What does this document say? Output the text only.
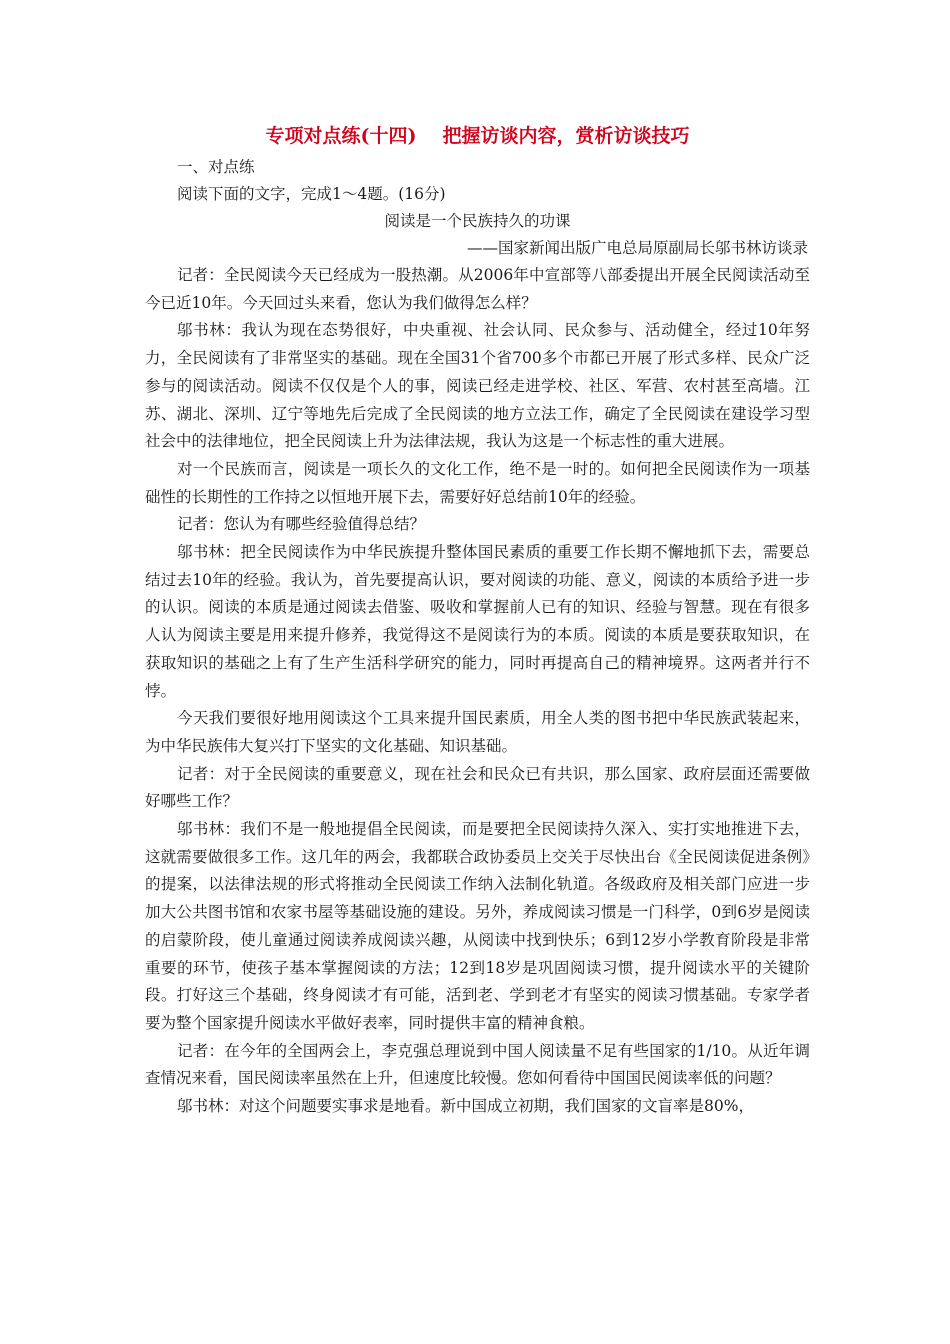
专项对点练(十四) 把握访谈内容，赏析访谈技巧

一、对点练

阅读下面的文字，完成1～4题。(16分)

阅读是一个民族持久的功课

——国家新闻出版广电总局原副局长邬书林访谈录

记者：全民阅读今天已经成为一股热潮。从2006年中宣部等八部委提出开展全民阅读活动至今已近10年。今天回过头来看，您认为我们做得怎么样？

邬书林：我认为现在态势很好，中央重视、社会认同、民众参与、活动健全，经过10年努力，全民阅读有了非常坚实的基础。现在全国31个省700多个市都已开展了形式多样、民众广泛参与的阅读活动。阅读不仅仅是个人的事，阅读已经走进学校、社区、军营、农村甚至高墙。江苏、湖北、深圳、辽宁等地先后完成了全民阅读的地方立法工作，确定了全民阅读在建设学习型社会中的法律地位，把全民阅读上升为法律法规，我认为这是一个标志性的重大进展。

对一个民族而言，阅读是一项长久的文化工作，绝不是一时的。如何把全民阅读作为一项基础性的长期性的工作持之以恒地开展下去，需要好好总结前10年的经验。

记者：您认为有哪些经验值得总结？

邬书林：把全民阅读作为中华民族提升整体国民素质的重要工作长期不懈地抓下去，需要总结过去10年的经验。我认为，首先要提高认识，要对阅读的功能、意义，阅读的本质给予进一步的认识。阅读的本质是通过阅读去借鉴、吸收和掌握前人已有的知识、经验与智慧。现在有很多人认为阅读主要是用来提升修养，我觉得这不是阅读行为的本质。阅读的本质是要获取知识，在获取知识的基础之上有了生产生活科学研究的能力，同时再提高自己的精神境界。这两者并行不悖。

今天我们要很好地用阅读这个工具来提升国民素质，用全人类的图书把中华民族武装起来，为中华民族伟大复兴打下坚实的文化基础、知识基础。

记者：对于全民阅读的重要意义，现在社会和民众已有共识，那么国家、政府层面还需要做好哪些工作？

邬书林：我们不是一般地提倡全民阅读，而是要把全民阅读持久深入、实打实地推进下去，这就需要做很多工作。这几年的两会，我都联合政协委员上交关于尽快出台《全民阅读促进条例》的提案，以法律法规的形式将推动全民阅读工作纳入法制化轨道。各级政府及相关部门应进一步加大公共图书馆和农家书屋等基础设施的建设。另外，养成阅读习惯是一门科学，0到6岁是阅读的启蒙阶段，使儿童通过阅读养成阅读兴趣，从阅读中找到快乐；6到12岁小学教育阶段是非常重要的环节，使孩子基本掌握阅读的方法；12到18岁是巩固阅读习惯，提升阅读水平的关键阶段。打好这三个基础，终身阅读才有可能，活到老、学到老才有坚实的阅读习惯基础。专家学者要为整个国家提升阅读水平做好表率，同时提供丰富的精神食粮。

记者：在今年的全国两会上，李克强总理说到中国人阅读量不足有些国家的1/10。从近年调查情况来看，国民阅读率虽然在上升，但速度比较慢。您如何看待中国国民阅读率低的问题？

邬书林：对这个问题要实事求是地看。新中国成立初期，我们国家的文盲率是80%，
